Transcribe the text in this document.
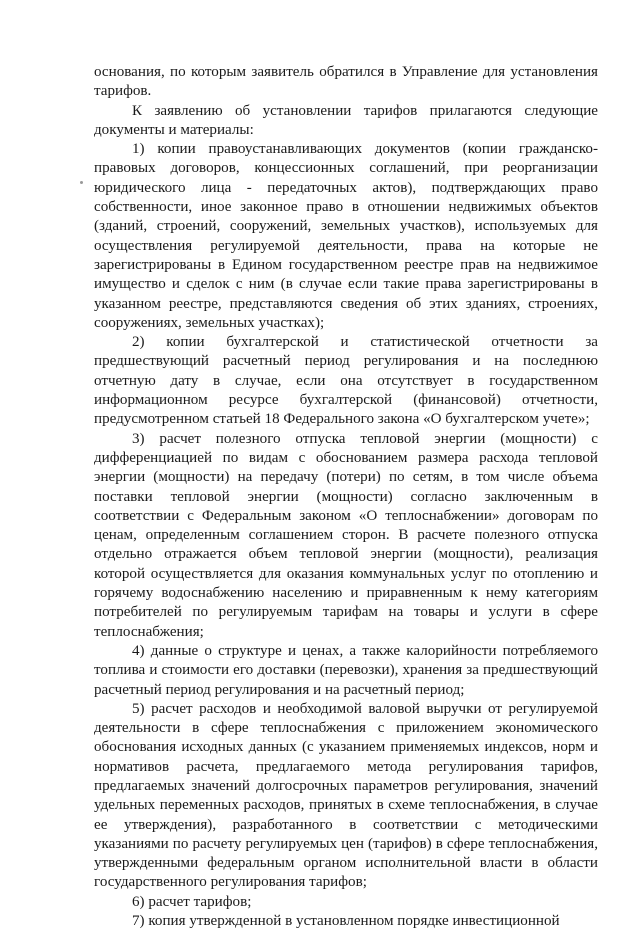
основания, по которым заявитель обратился в Управление для установления тарифов.

К заявлению об установлении тарифов прилагаются следующие документы и материалы:

1) копии правоустанавливающих документов (копии гражданско-правовых договоров, концессионных соглашений, при реорганизации юридического лица - передаточных актов), подтверждающих право собственности, иное законное право в отношении недвижимых объектов (зданий, строений, сооружений, земельных участков), используемых для осуществления регулируемой деятельности, права на которые не зарегистрированы в Едином государственном реестре прав на недвижимое имущество и сделок с ним (в случае если такие права зарегистрированы в указанном реестре, представляются сведения об этих зданиях, строениях, сооружениях, земельных участках);

2) копии бухгалтерской и статистической отчетности за предшествующий расчетный период регулирования и на последнюю отчетную дату в случае, если она отсутствует в государственном информационном ресурсе бухгалтерской (финансовой) отчетности, предусмотренном статьей 18 Федерального закона «О бухгалтерском учете»;

3) расчет полезного отпуска тепловой энергии (мощности) с дифференциацией по видам с обоснованием размера расхода тепловой энергии (мощности) на передачу (потери) по сетям, в том числе объема поставки тепловой энергии (мощности) согласно заключенным в соответствии с Федеральным законом «О теплоснабжении» договорам по ценам, определенным соглашением сторон. В расчете полезного отпуска отдельно отражается объем тепловой энергии (мощности), реализация которой осуществляется для оказания коммунальных услуг по отоплению и горячему водоснабжению населению и приравненным к нему категориям потребителей по регулируемым тарифам на товары и услуги в сфере теплоснабжения;

4) данные о структуре и ценах, а также калорийности потребляемого топлива и стоимости его доставки (перевозки), хранения за предшествующий расчетный период регулирования и на расчетный период;

5) расчет расходов и необходимой валовой выручки от регулируемой деятельности в сфере теплоснабжения с приложением экономического обоснования исходных данных (с указанием применяемых индексов, норм и нормативов расчета, предлагаемого метода регулирования тарифов, предлагаемых значений долгосрочных параметров регулирования, значений удельных переменных расходов, принятых в схеме теплоснабжения, в случае ее утверждения), разработанного в соответствии с методическими указаниями по расчету регулируемых цен (тарифов) в сфере теплоснабжения, утвержденными федеральным органом исполнительной власти в области государственного регулирования тарифов;

6) расчет тарифов;

7) копия утвержденной в установленном порядке инвестиционной
